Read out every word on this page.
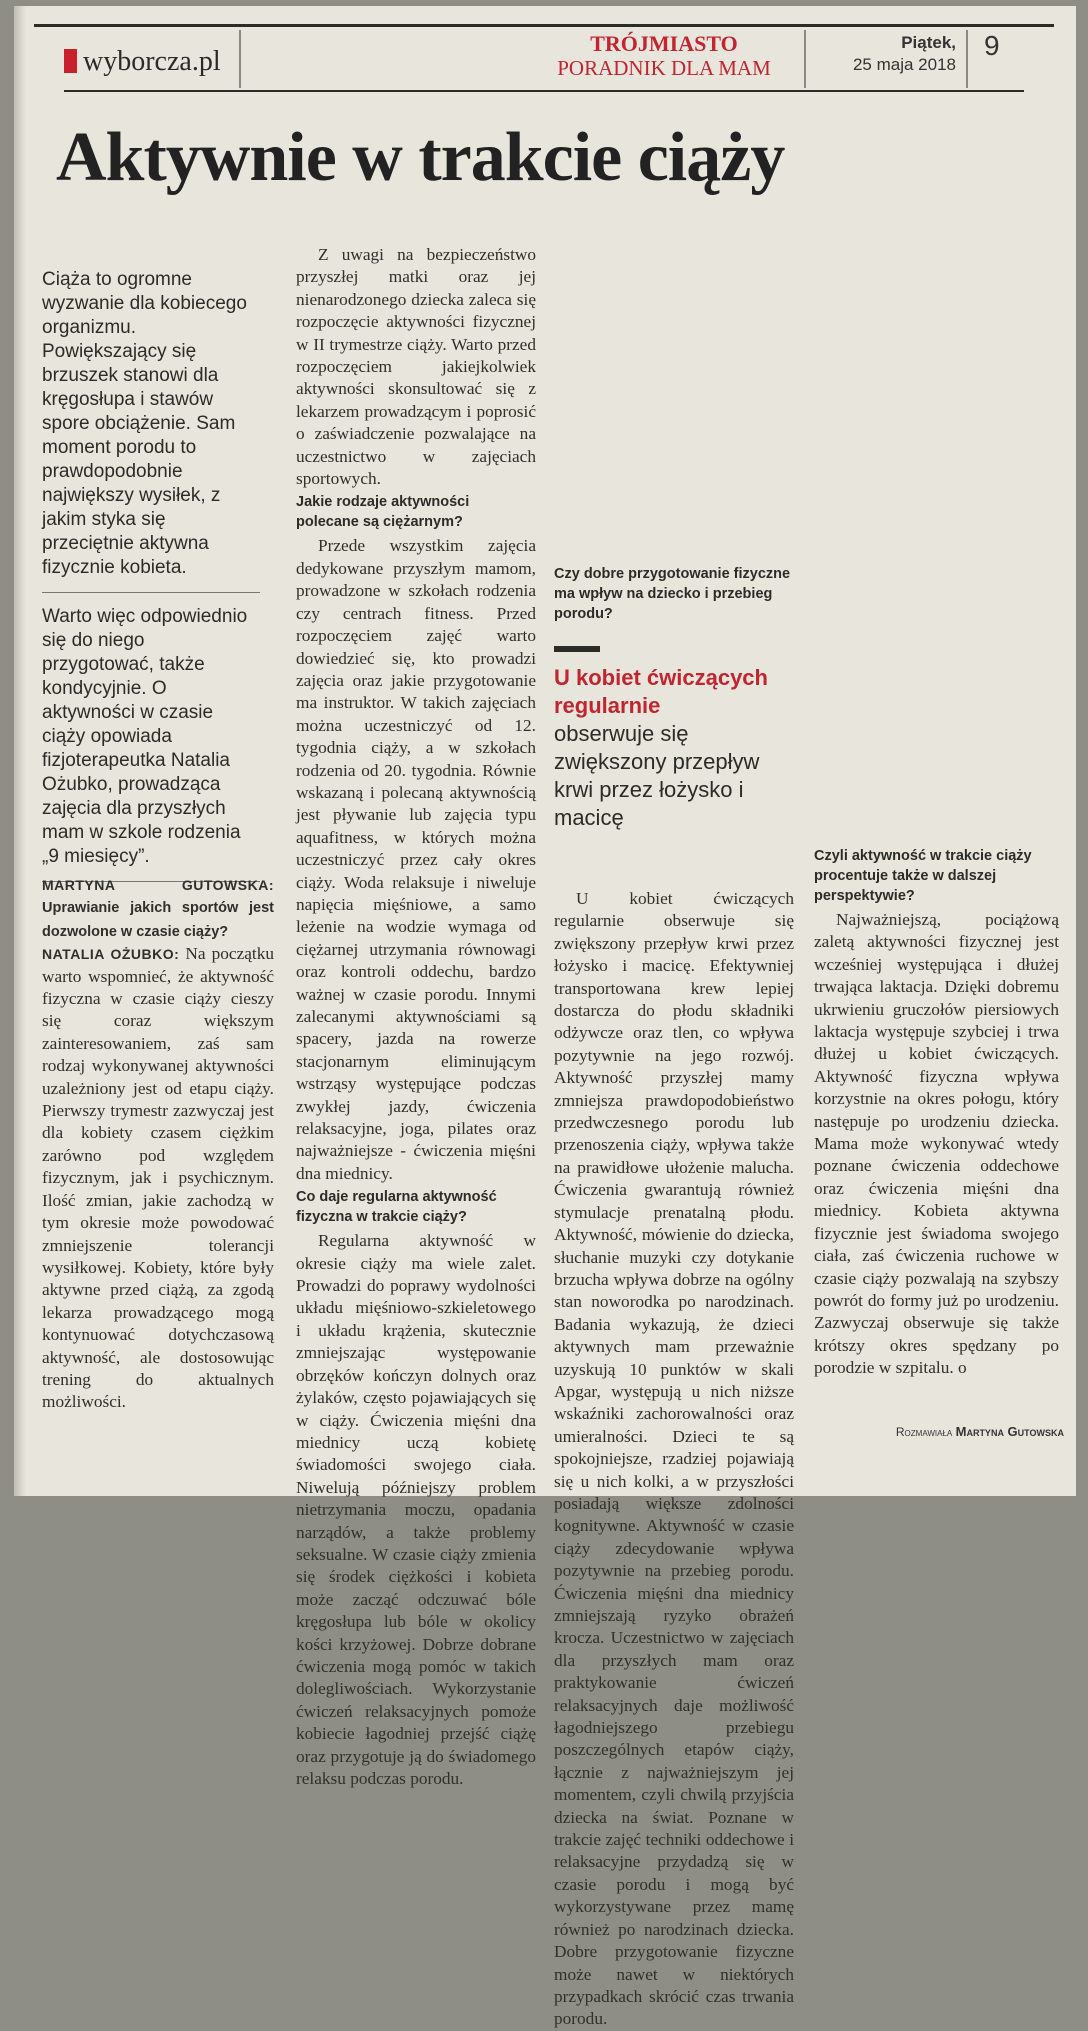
wyborcza.pl
TRÓJMIASTO
PORADNIK DLA MAM
Piątek,
25 maja 2018
9
Aktywnie w trakcie ciąży

Ciąża to ogromne wyzwanie dla kobiecego organizmu. Powiększający się brzuszek stanowi dla kręgosłupa i stawów spore obciążenie. Sam moment porodu to prawdopodobnie największy wysiłek, z jakim styka się przeciętnie aktywna fizycznie kobieta.

Warto więc odpowiednio się do niego przygotować, także kondycyjnie. O aktywności w czasie ciąży opowiada fizjoterapeutka Natalia Ożubko, prowadząca zajęcia dla przyszłych mam w szkole rodzenia „9 miesięcy”.

MARTYNA GUTOWSKA: Uprawianie jakich sportów jest dozwolone w czasie ciąży?

NATALIA OŻUBKO: Na początku warto wspomnieć, że aktywność fizyczna w czasie ciąży cieszy się coraz większym zainteresowaniem, zaś sam rodzaj wykonywanej aktywności uzależniony jest od etapu ciąży. Pierwszy trymestr zazwyczaj jest dla kobiety czasem ciężkim zarówno pod względem fizycznym, jak i psychicznym. Ilość zmian, jakie zachodzą w tym okresie może powodować zmniejszenie tolerancji wysiłkowej. Kobiety, które były aktywne przed ciążą, za zgodą lekarza prowadzącego mogą kontynuować dotychczasową aktywność, ale dostosowując trening do aktualnych możliwości.

Z uwagi na bezpieczeństwo przyszłej matki oraz jej nienarodzonego dziecka zaleca się rozpoczęcie aktywności fizycznej w II trymestrze ciąży. Warto przed rozpoczęciem jakiejkolwiek aktywności skonsultować się z lekarzem prowadzącym i poprosić o zaświadczenie pozwalające na uczestnictwo w zajęciach sportowych.

Jakie rodzaje aktywności polecane są ciężarnym?

Przede wszystkim zajęcia dedykowane przyszłym mamom, prowadzone w szkołach rodzenia czy centrach fitness. Przed rozpoczęciem zajęć warto dowiedzieć się, kto prowadzi zajęcia oraz jakie przygotowanie ma instruktor. W takich zajęciach można uczestniczyć od 12. tygodnia ciąży, a w szkołach rodzenia od 20. tygodnia. Równie wskazaną i polecaną aktywnością jest pływanie lub zajęcia typu aquafitness, w których można uczestniczyć przez cały okres ciąży. Woda relaksuje i niweluje napięcia mięśniowe, a samo leżenie na wodzie wymaga od ciężarnej utrzymania równowagi oraz kontroli oddechu, bardzo ważnej w czasie porodu. Innymi zalecanymi aktywnościami są spacery, jazda na rowerze stacjonarnym eliminującym wstrząsy występujące podczas zwykłej jazdy, ćwiczenia relaksacyjne, joga, pilates oraz najważniejsze - ćwiczenia mięśni dna miednicy.

Co daje regularna aktywność fizyczna w trakcie ciąży?

Regularna aktywność w okresie ciąży ma wiele zalet. Prowadzi do poprawy wydolności układu mięśniowo-szkieletowego i układu krążenia, skutecznie zmniejszając występowanie obrzęków kończyn dolnych oraz żylaków, często pojawiających się w ciąży. Ćwiczenia mięśni dna miednicy uczą kobietę świadomości swojego ciała. Niwelują późniejszy problem nietrzymania moczu, opadania narządów, a także problemy seksualne. W czasie ciąży zmienia się środek ciężkości i kobieta może zacząć odczuwać bóle kręgosłupa lub bóle w okolicy kości krzyżowej. Dobrze dobrane ćwiczenia mogą pomóc w takich dolegliwościach. Wykorzystanie ćwiczeń relaksacyjnych pomoże kobiecie łagodniej przejść ciążę oraz przygotuje ją do świadomego relaksu podczas porodu.

Czy dobre przygotowanie fizyczne ma wpływ na dziecko i przebieg porodu?
U kobiet ćwiczących regularnie
obserwuje się zwiększony przepływ krwi przez łożysko i macicę

U kobiet ćwiczących regularnie obserwuje się zwiększony przepływ krwi przez łożysko i macicę. Efektywniej transportowana krew lepiej dostarcza do płodu składniki odżywcze oraz tlen, co wpływa pozytywnie na jego rozwój. Aktywność przyszłej mamy zmniejsza prawdopodobieństwo przedwczesnego porodu lub przenoszenia ciąży, wpływa także na prawidłowe ułożenie malucha. Ćwiczenia gwarantują również stymulacje prenatalną płodu. Aktywność, mówienie do dziecka, słuchanie muzyki czy dotykanie brzucha wpływa dobrze na ogólny stan noworodka po narodzinach. Badania wykazują, że dzieci aktywnych mam przeważnie uzyskują 10 punktów w skali Apgar, występują u nich niższe wskaźniki zachorowalności oraz umieralności. Dzieci te są spokojniejsze, rzadziej pojawiają się u nich kolki, a w przyszłości posiadają większe zdolności kognitywne. Aktywność w czasie ciąży zdecydowanie wpływa pozytywnie na przebieg porodu. Ćwiczenia mięśni dna miednicy zmniejszają ryzyko obrażeń krocza. Uczestnictwo w zajęciach dla przyszłych mam oraz praktykowanie ćwiczeń relaksacyjnych daje możliwość łagodniejszego przebiegu poszczególnych etapów ciąży, łącznie z najważniejszym jej momentem, czyli chwilą przyjścia dziecka na świat. Poznane w trakcie zajęć techniki oddechowe i relaksacyjne przydadzą się w czasie porodu i mogą być wykorzystywane przez mamę również po narodzinach dziecka. Dobre przygotowanie fizyczne może nawet w niektórych przypadkach skrócić czas trwania porodu.

Czyli aktywność w trakcie ciąży procentuje także w dalszej perspektywie?

Najważniejszą, pociążową zaletą aktywności fizycznej jest wcześniej występująca i dłużej trwająca laktacja. Dzięki dobremu ukrwieniu gruczołów piersiowych laktacja występuje szybciej i trwa dłużej u kobiet ćwiczących. Aktywność fizyczna wpływa korzystnie na okres połogu, który następuje po urodzeniu dziecka. Mama może wykonywać wtedy poznane ćwiczenia oddechowe oraz ćwiczenia mięśni dna miednicy. Kobieta aktywna fizycznie jest świadoma swojego ciała, zaś ćwiczenia ruchowe w czasie ciąży pozwalają na szybszy powrót do formy już po urodzeniu. Zazwyczaj obserwuje się także krótszy okres spędzany po porodzie w szpitalu. o

Rozmawiała Martyna Gutowska
